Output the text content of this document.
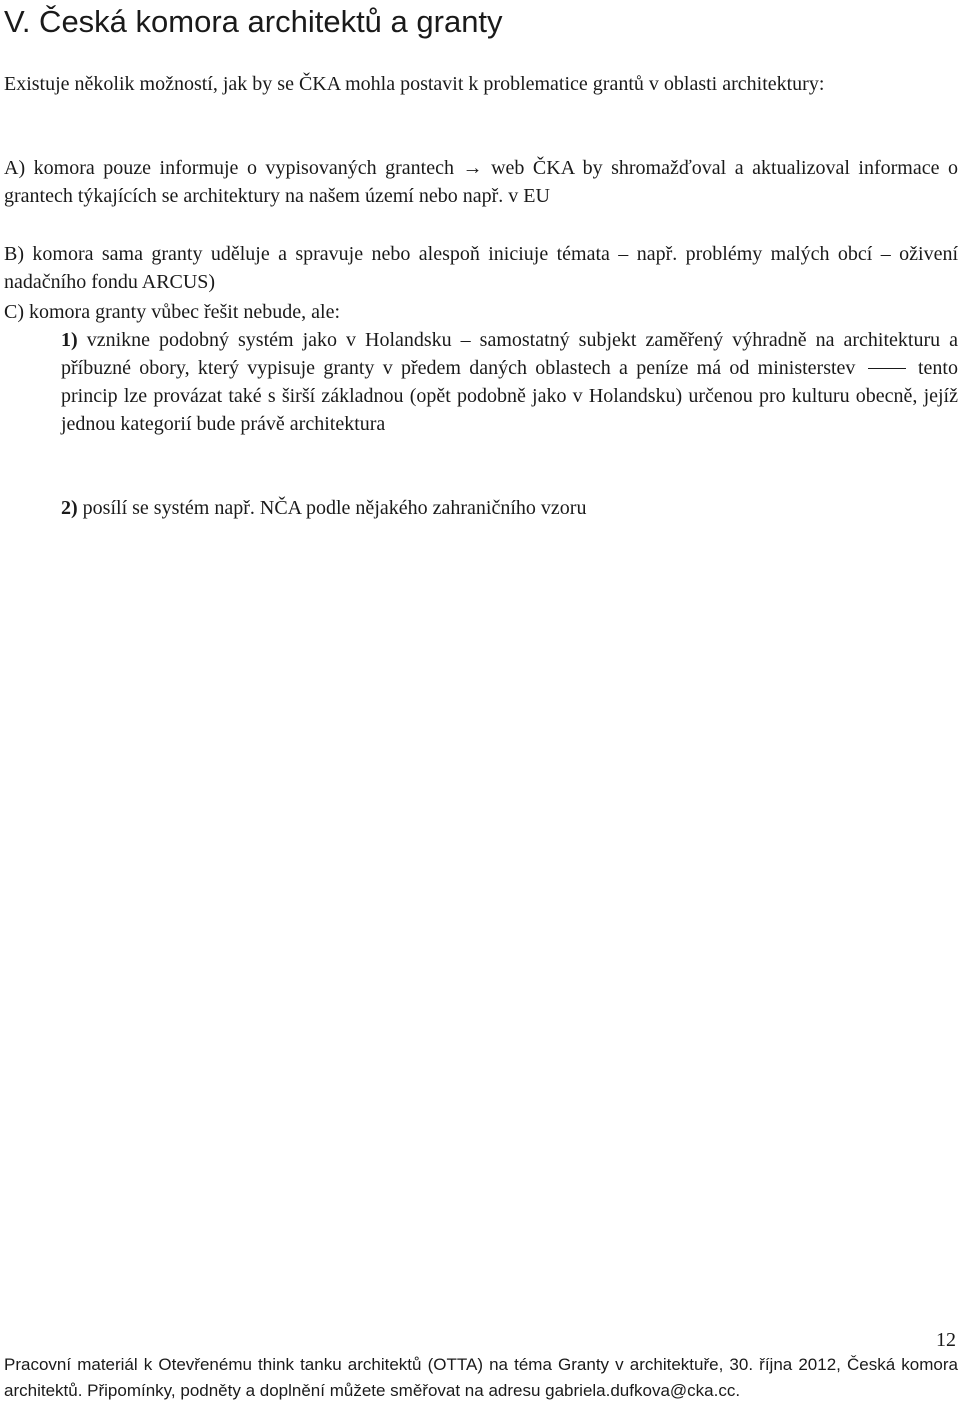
V. Česká komora architektů a granty

Existuje několik možností, jak by se ČKA mohla postavit k problematice grantů v oblasti architektury:

A) komora pouze informuje o vypisovaných grantech → web ČKA by shromažďoval a aktualizoval informace o grantech týkajících se architektury na našem území nebo např. v EU

B) komora sama granty uděluje a spravuje nebo alespoň iniciuje témata – např. problémy malých obcí – oživení nadačního fondu ARCUS)

C) komora granty vůbec řešit nebude, ale:

1) vznikne podobný systém jako v Holandsku – samostatný subjekt zaměřený výhradně na architekturu a příbuzné obory, který vypisuje granty v předem daných oblastech a peníze má od ministerstev	tento princip lze provázat také s širší základnou (opět podobně jako v Holandsku) určenou pro kulturu obecně, jejíž jednou kategorií bude právě architektura

2) posílí se systém např. NČA podle nějakého zahraničního vzoru

12

Pracovní materiál k Otevřenému think tanku architektů (OTTA) na téma Granty v architektuře, 30. října 2012, Česká komora architektů. Připomínky, podněty a doplnění můžete směřovat na adresu gabriela.dufkova@cka.cc.
